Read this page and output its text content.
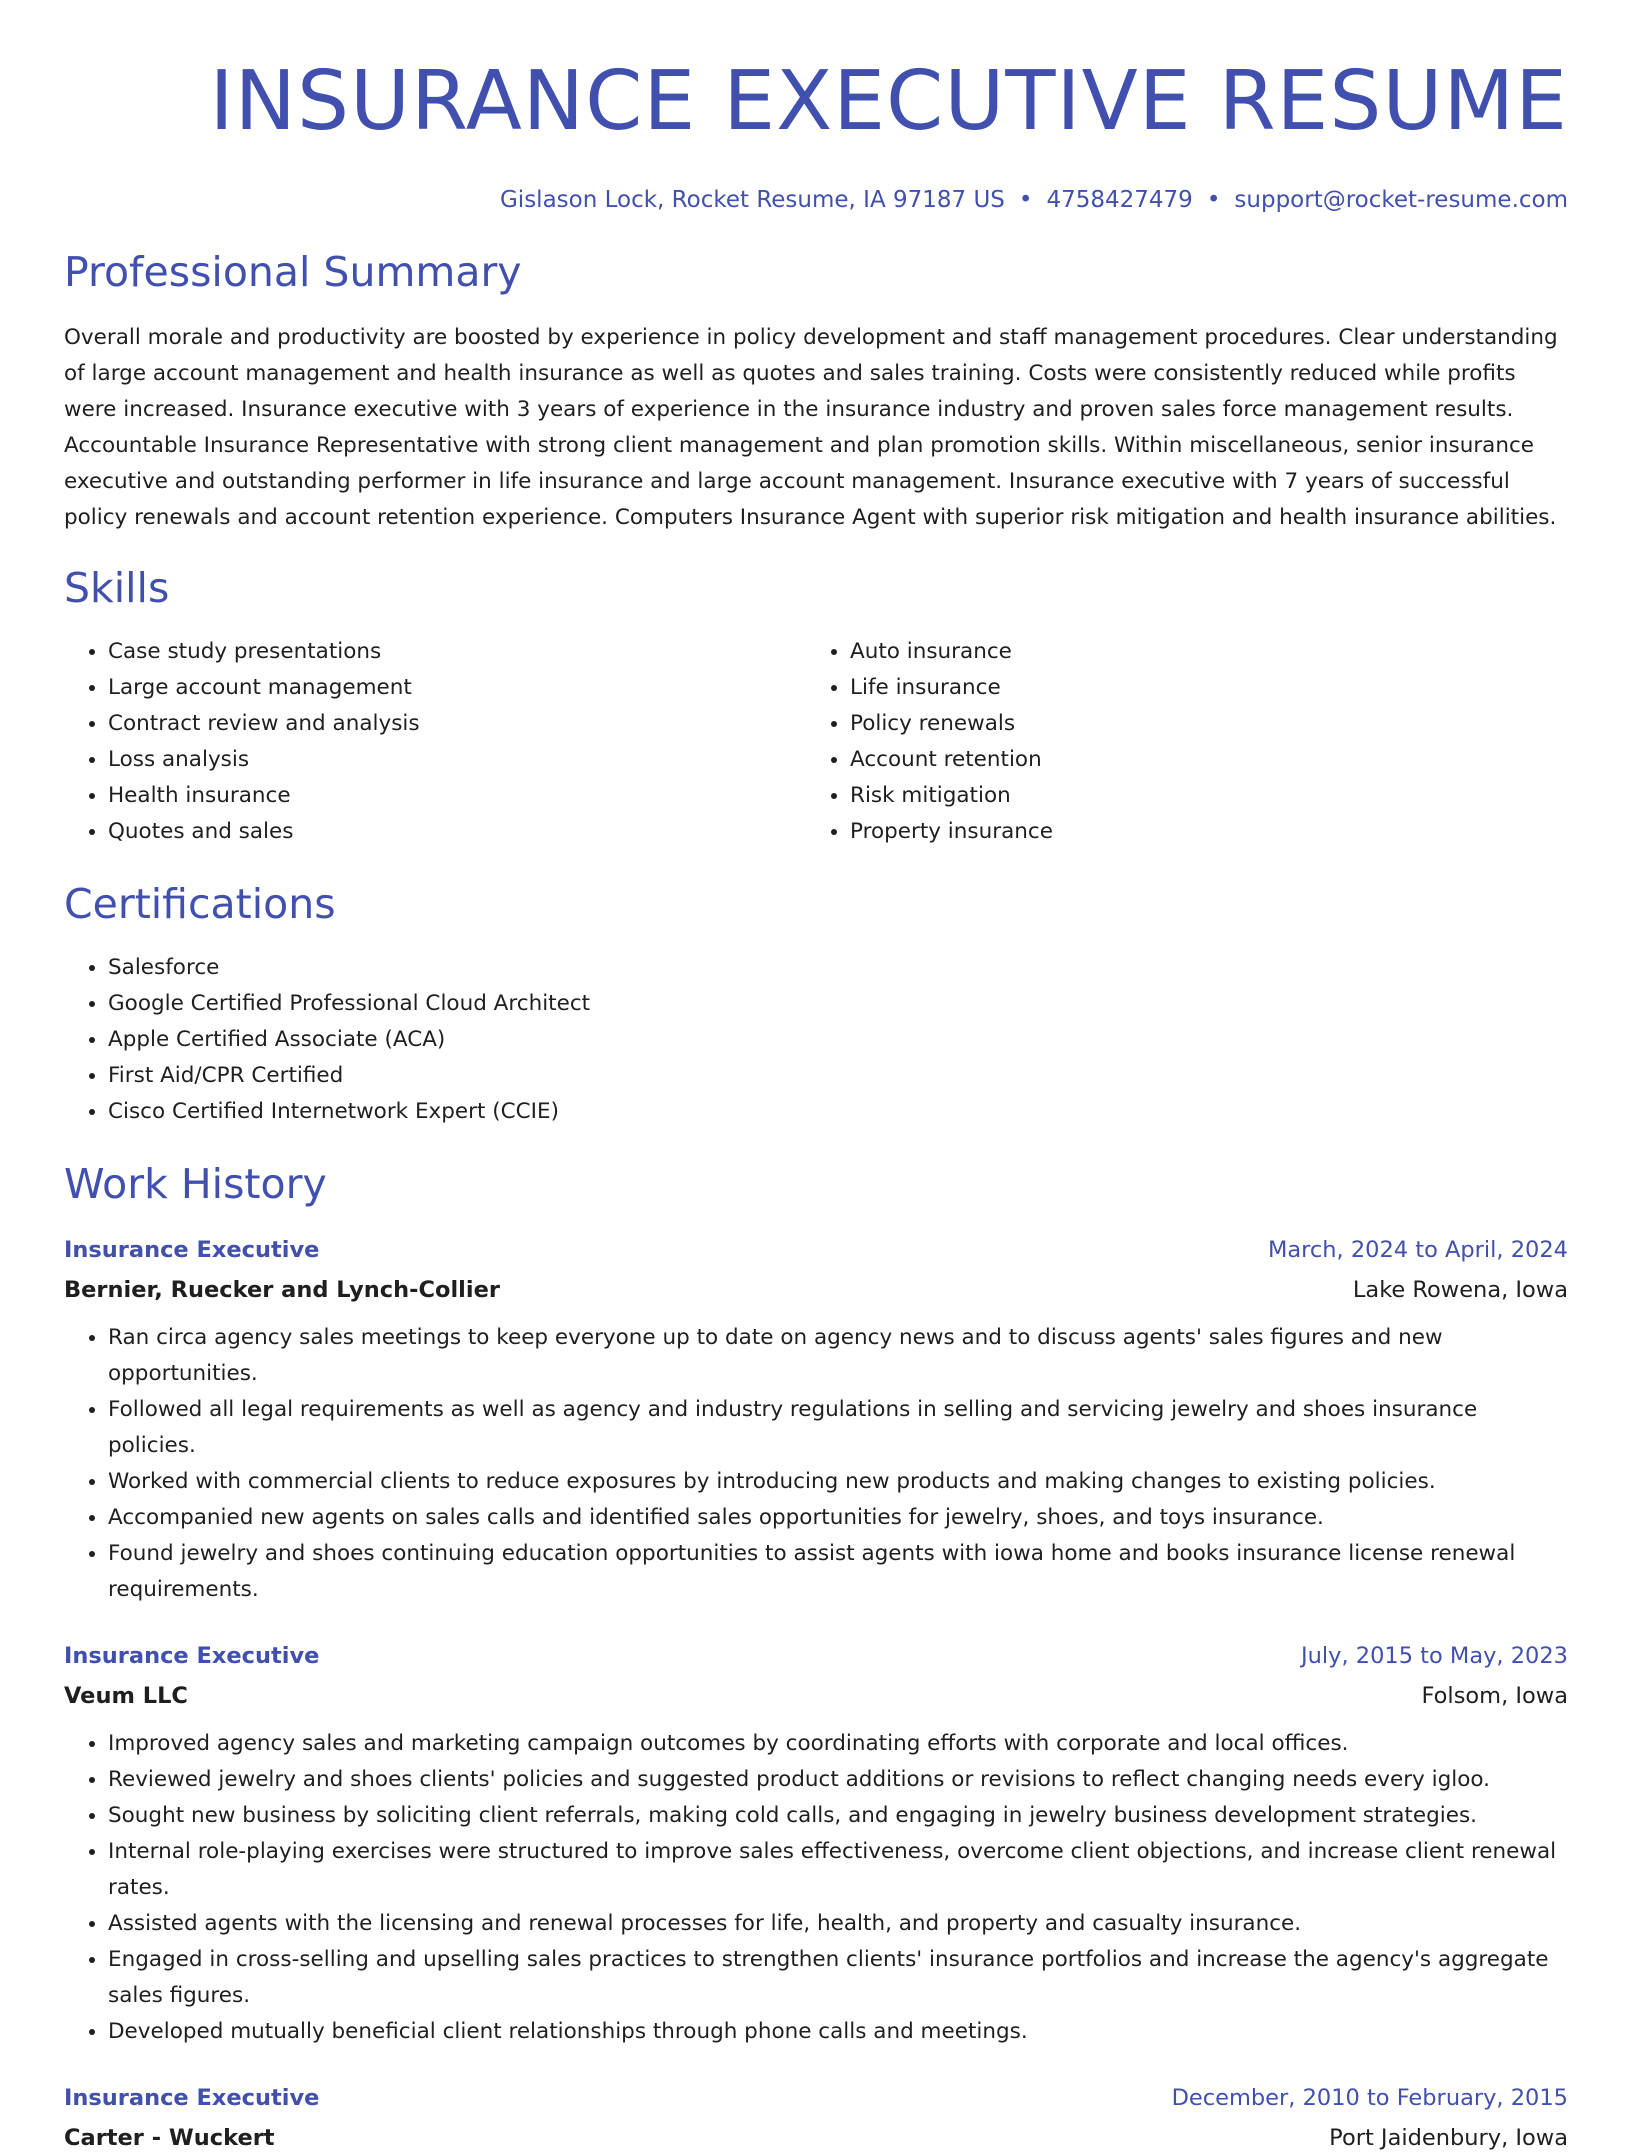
INSURANCE EXECUTIVE RESUME
Gislason Lock, Rocket Resume, IA 97187 US • 4758427479 • support@rocket-resume.com
Professional Summary

Overall morale and productivity are boosted by experience in policy development and staff management procedures. Clear understanding of large account management and health insurance as well as quotes and sales training. Costs were consistently reduced while profits were increased. Insurance executive with 3 years of experience in the insurance industry and proven sales force management results. Accountable Insurance Representative with strong client management and plan promotion skills. Within miscellaneous, senior insurance executive and outstanding performer in life insurance and large account management. Insurance executive with 7 years of successful policy renewals and account retention experience. Computers Insurance Agent with superior risk mitigation and health insurance abilities.

Skills
• Case study presentations
• Large account management
• Contract review and analysis
• Loss analysis
• Health insurance
• Quotes and sales
• Auto insurance
• Life insurance
• Policy renewals
• Account retention
• Risk mitigation
• Property insurance
Certifications
• Salesforce
• Google Certified Professional Cloud Architect
• Apple Certified Associate (ACA)
• First Aid/CPR Certified
• Cisco Certified Internetwork Expert (CCIE)
Work History
Insurance Executive	March, 2024 to April, 2024
Bernier, Ruecker and Lynch-Collier	Lake Rowena, Iowa
• Ran circa agency sales meetings to keep everyone up to date on agency news and to discuss agents' sales figures and new opportunities.
• Followed all legal requirements as well as agency and industry regulations in selling and servicing jewelry and shoes insurance policies.
• Worked with commercial clients to reduce exposures by introducing new products and making changes to existing policies.
• Accompanied new agents on sales calls and identified sales opportunities for jewelry, shoes, and toys insurance.
• Found jewelry and shoes continuing education opportunities to assist agents with iowa home and books insurance license renewal requirements.
Insurance Executive	July, 2015 to May, 2023
Veum LLC	Folsom, Iowa
• Improved agency sales and marketing campaign outcomes by coordinating efforts with corporate and local offices.
• Reviewed jewelry and shoes clients' policies and suggested product additions or revisions to reflect changing needs every igloo.
• Sought new business by soliciting client referrals, making cold calls, and engaging in jewelry business development strategies.
• Internal role-playing exercises were structured to improve sales effectiveness, overcome client objections, and increase client renewal rates.
• Assisted agents with the licensing and renewal processes for life, health, and property and casualty insurance.
• Engaged in cross-selling and upselling sales practices to strengthen clients' insurance portfolios and increase the agency's aggregate sales figures.
• Developed mutually beneficial client relationships through phone calls and meetings.
Insurance Executive	December, 2010 to February, 2015
Carter - Wuckert	Port Jaidenbury, Iowa
